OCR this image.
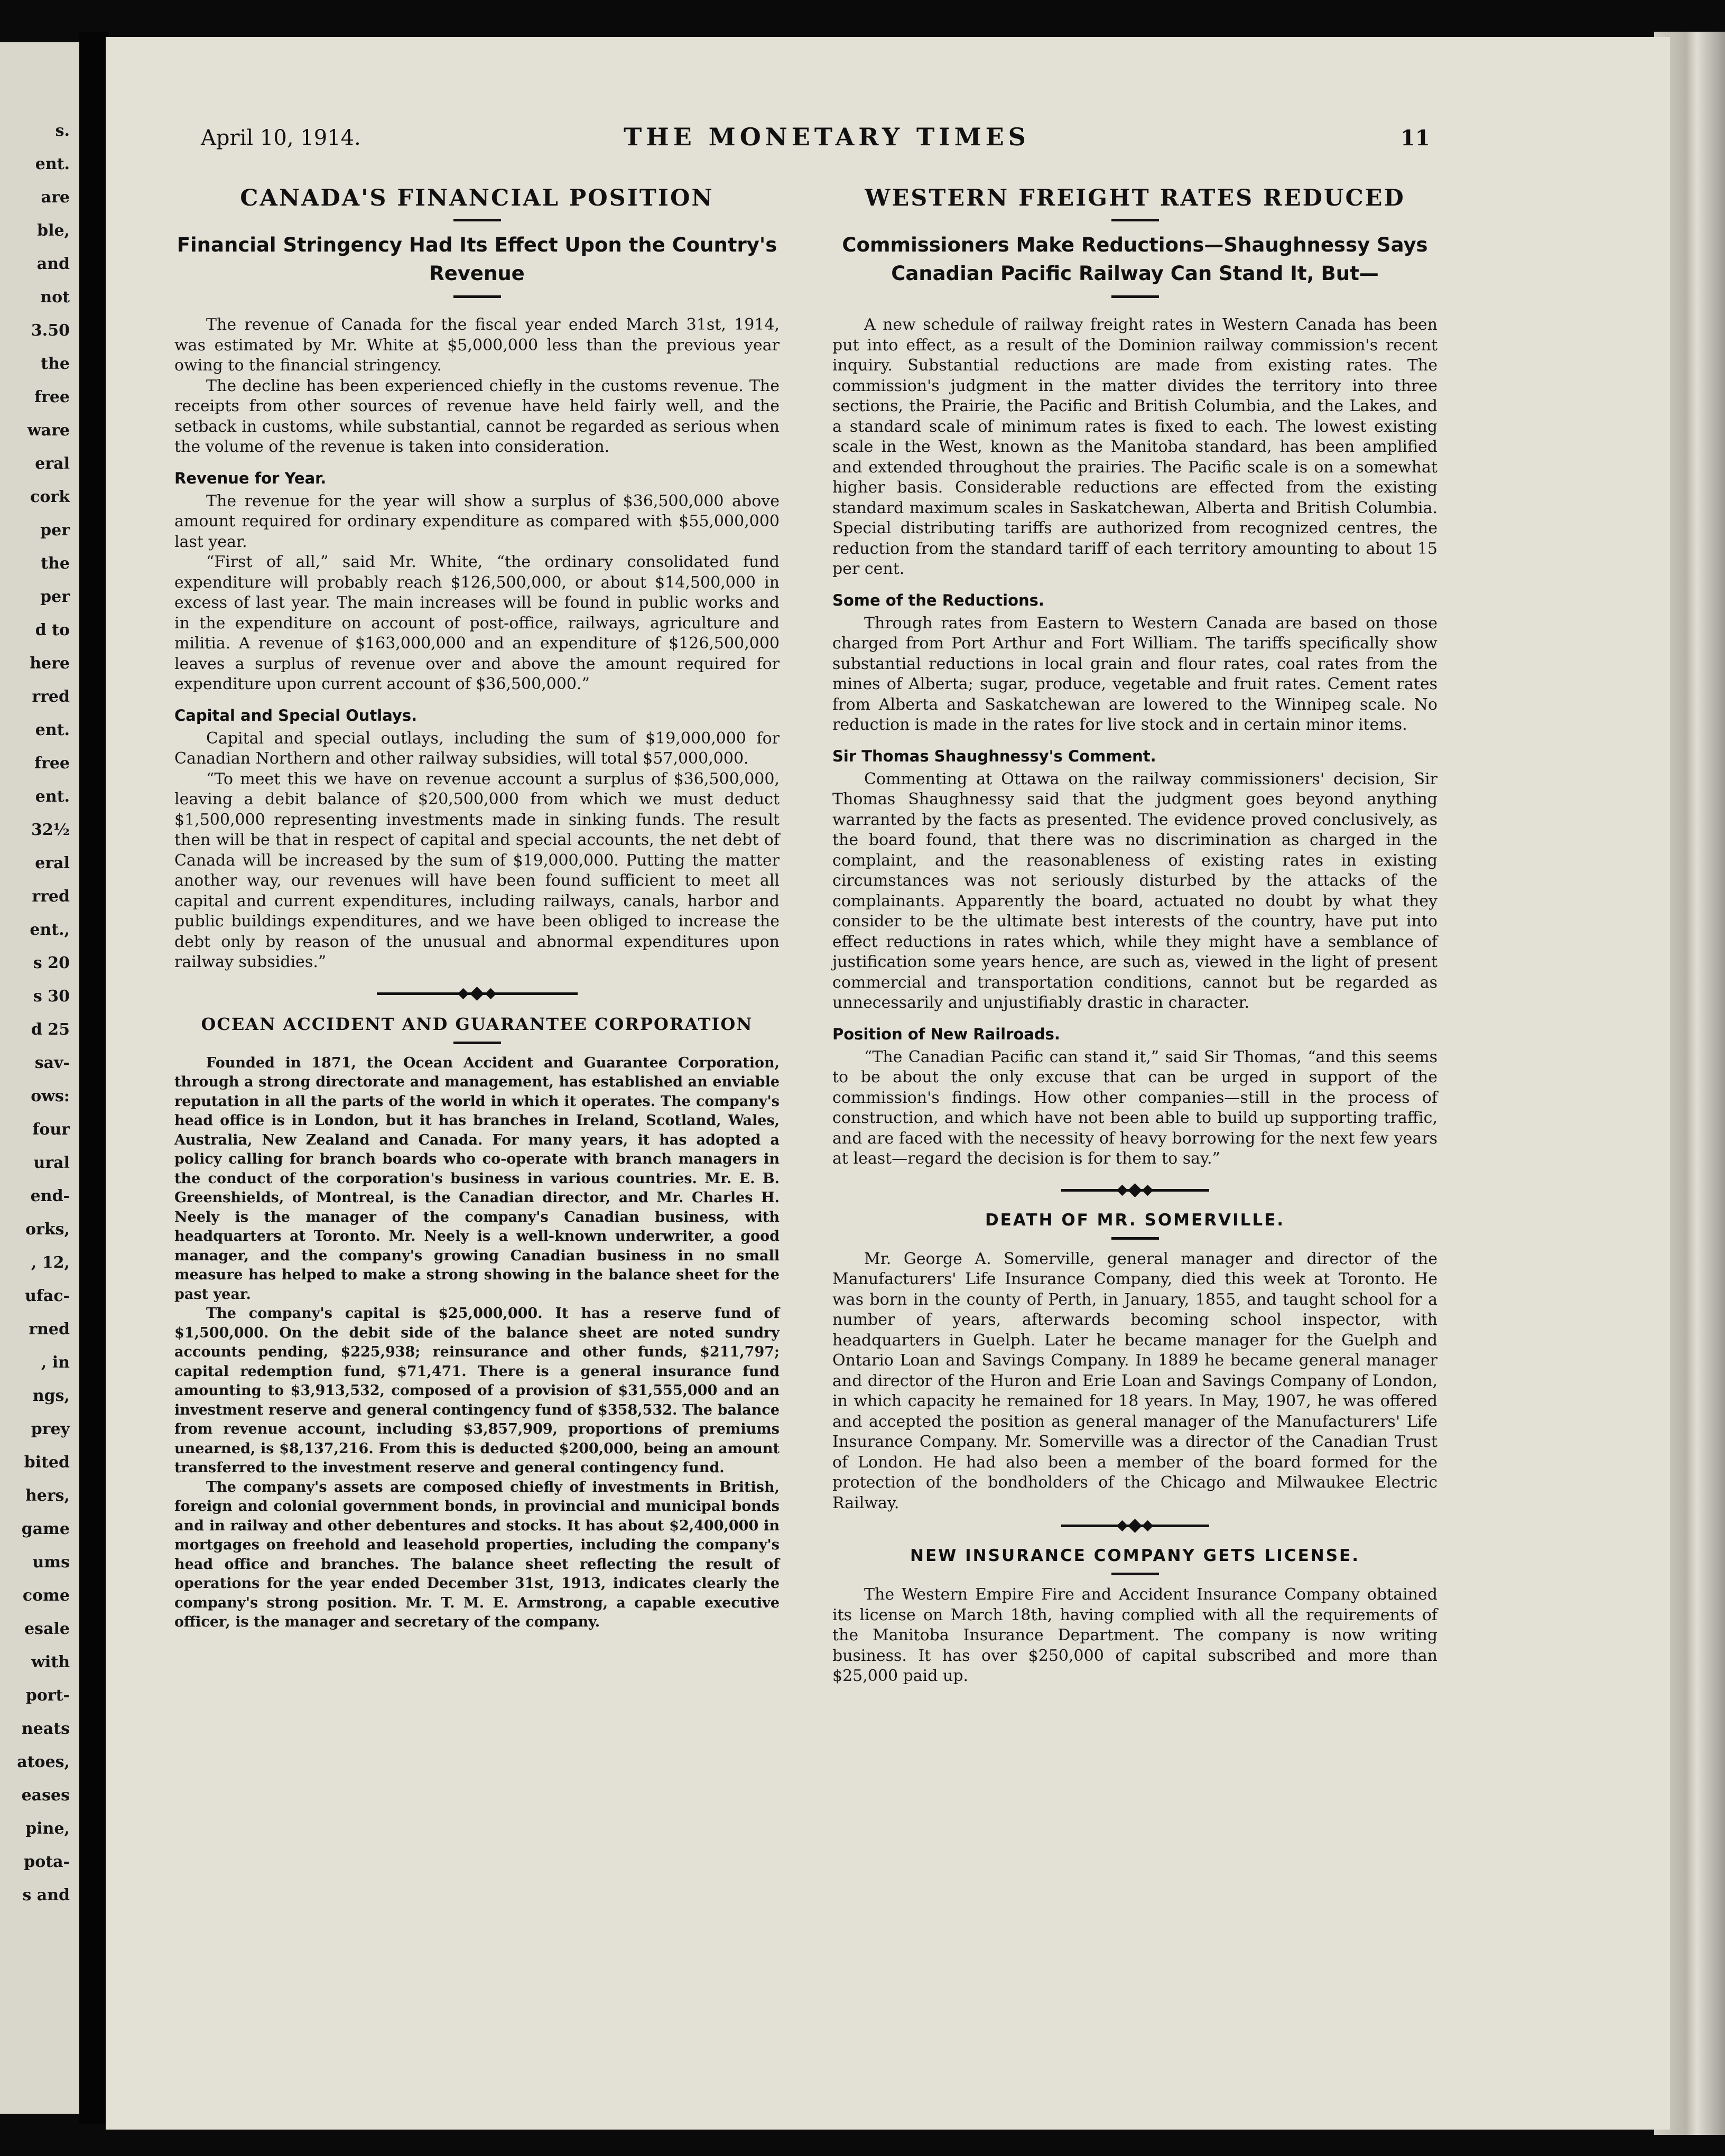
s.
ent.
are
ble,
and
not
3.50
the
free
ware
eral
cork
per
the
per
d to
here
rred
ent.
free
ent.
32½
eral
rred
ent.,
s 20
s 30
d 25
sav-
ows:
four
ural
end-
orks,
, 12,
ufac-
rned
, in
ngs,
prey
bited
hers,
game
ums
come
esale
with
port-
neats
atoes,
eases
pine,
pota-
s and
April 10, 1914.	THE MONETARY TIMES	11
CANADA'S FINANCIAL POSITION
Financial Stringency Had Its Effect Upon the Country's Revenue

The revenue of Canada for the fiscal year ended March 31st, 1914, was estimated by Mr. White at $5,000,000 less than the previous year owing to the financial stringency.

The decline has been experienced chiefly in the customs revenue. The receipts from other sources of revenue have held fairly well, and the setback in customs, while substantial, cannot be regarded as serious when the volume of the revenue is taken into consideration.

Revenue for Year.

The revenue for the year will show a surplus of $36,500,000 above amount required for ordinary expenditure as compared with $55,000,000 last year.

“First of all,” said Mr. White, “the ordinary consolidated fund expenditure will probably reach $126,500,000, or about $14,500,000 in excess of last year. The main increases will be found in public works and in the expenditure on account of post-office, railways, agriculture and militia. A revenue of $163,000,000 and an expenditure of $126,500,000 leaves a surplus of revenue over and above the amount required for expenditure upon current account of $36,500,000.”

Capital and Special Outlays.

Capital and special outlays, including the sum of $19,000,000 for Canadian Northern and other railway subsidies, will total $57,000,000.

“To meet this we have on revenue account a surplus of $36,500,000, leaving a debit balance of $20,500,000 from which we must deduct $1,500,000 representing investments made in sinking funds. The result then will be that in respect of capital and special accounts, the net debt of Canada will be increased by the sum of $19,000,000. Putting the matter another way, our revenues will have been found sufficient to meet all capital and current expenditures, including railways, canals, harbor and public buildings expenditures, and we have been obliged to increase the debt only by reason of the unusual and abnormal expenditures upon railway subsidies.”

OCEAN ACCIDENT AND GUARANTEE CORPORATION

Founded in 1871, the Ocean Accident and Guarantee Corporation, through a strong directorate and management, has established an enviable reputation in all the parts of the world in which it operates. The company's head office is in London, but it has branches in Ireland, Scotland, Wales, Australia, New Zealand and Canada. For many years, it has adopted a policy calling for branch boards who co-operate with branch managers in the conduct of the corporation's business in various countries. Mr. E. B. Greenshields, of Montreal, is the Canadian director, and Mr. Charles H. Neely is the manager of the company's Canadian business, with headquarters at Toronto. Mr. Neely is a well-known underwriter, a good manager, and the company's growing Canadian business in no small measure has helped to make a strong showing in the balance sheet for the past year.

The company's capital is $25,000,000. It has a reserve fund of $1,500,000. On the debit side of the balance sheet are noted sundry accounts pending, $225,938; reinsurance and other funds, $211,797; capital redemption fund, $71,471. There is a general insurance fund amounting to $3,913,532, composed of a provision of $31,555,000 and an investment reserve and general contingency fund of $358,532. The balance from revenue account, including $3,857,909, proportions of premiums unearned, is $8,137,216. From this is deducted $200,000, being an amount transferred to the investment reserve and general contingency fund.

The company's assets are composed chiefly of investments in British, foreign and colonial government bonds, in provincial and municipal bonds and in railway and other debentures and stocks. It has about $2,400,000 in mortgages on freehold and leasehold properties, including the company's head office and branches. The balance sheet reflecting the result of operations for the year ended December 31st, 1913, indicates clearly the company's strong position. Mr. T. M. E. Armstrong, a capable executive officer, is the manager and secretary of the company.

WESTERN FREIGHT RATES REDUCED
Commissioners Make Reductions—Shaughnessy Says Canadian Pacific Railway Can Stand It, But—

A new schedule of railway freight rates in Western Canada has been put into effect, as a result of the Dominion railway commission's recent inquiry. Substantial reductions are made from existing rates. The commission's judgment in the matter divides the territory into three sections, the Prairie, the Pacific and British Columbia, and the Lakes, and a standard scale of minimum rates is fixed to each. The lowest existing scale in the West, known as the Manitoba standard, has been amplified and extended throughout the prairies. The Pacific scale is on a somewhat higher basis. Considerable reductions are effected from the existing standard maximum scales in Saskatchewan, Alberta and British Columbia. Special distributing tariffs are authorized from recognized centres, the reduction from the standard tariff of each territory amounting to about 15 per cent.

Some of the Reductions.

Through rates from Eastern to Western Canada are based on those charged from Port Arthur and Fort William. The tariffs specifically show substantial reductions in local grain and flour rates, coal rates from the mines of Alberta; sugar, produce, vegetable and fruit rates. Cement rates from Alberta and Saskatchewan are lowered to the Winnipeg scale. No reduction is made in the rates for live stock and in certain minor items.

Sir Thomas Shaughnessy's Comment.

Commenting at Ottawa on the railway commissioners' decision, Sir Thomas Shaughnessy said that the judgment goes beyond anything warranted by the facts as presented. The evidence proved conclusively, as the board found, that there was no discrimination as charged in the complaint, and the reasonableness of existing rates in existing circumstances was not seriously disturbed by the attacks of the complainants. Apparently the board, actuated no doubt by what they consider to be the ultimate best interests of the country, have put into effect reductions in rates which, while they might have a semblance of justification some years hence, are such as, viewed in the light of present commercial and transportation conditions, cannot but be regarded as unnecessarily and unjustifiably drastic in character.

Position of New Railroads.

“The Canadian Pacific can stand it,” said Sir Thomas, “and this seems to be about the only excuse that can be urged in support of the commission's findings. How other companies—still in the process of construction, and which have not been able to build up supporting traffic, and are faced with the necessity of heavy borrowing for the next few years at least—regard the decision is for them to say.”

DEATH OF MR. SOMERVILLE.

Mr. George A. Somerville, general manager and director of the Manufacturers' Life Insurance Company, died this week at Toronto. He was born in the county of Perth, in January, 1855, and taught school for a number of years, afterwards becoming school inspector, with headquarters in Guelph. Later he became manager for the Guelph and Ontario Loan and Savings Company. In 1889 he became general manager and director of the Huron and Erie Loan and Savings Company of London, in which capacity he remained for 18 years. In May, 1907, he was offered and accepted the position as general manager of the Manufacturers' Life Insurance Company. Mr. Somerville was a director of the Canadian Trust of London. He had also been a member of the board formed for the protection of the bondholders of the Chicago and Milwaukee Electric Railway.

NEW INSURANCE COMPANY GETS LICENSE.

The Western Empire Fire and Accident Insurance Company obtained its license on March 18th, having complied with all the requirements of the Manitoba Insurance Department. The company is now writing business. It has over $250,000 of capital subscribed and more than $25,000 paid up.
